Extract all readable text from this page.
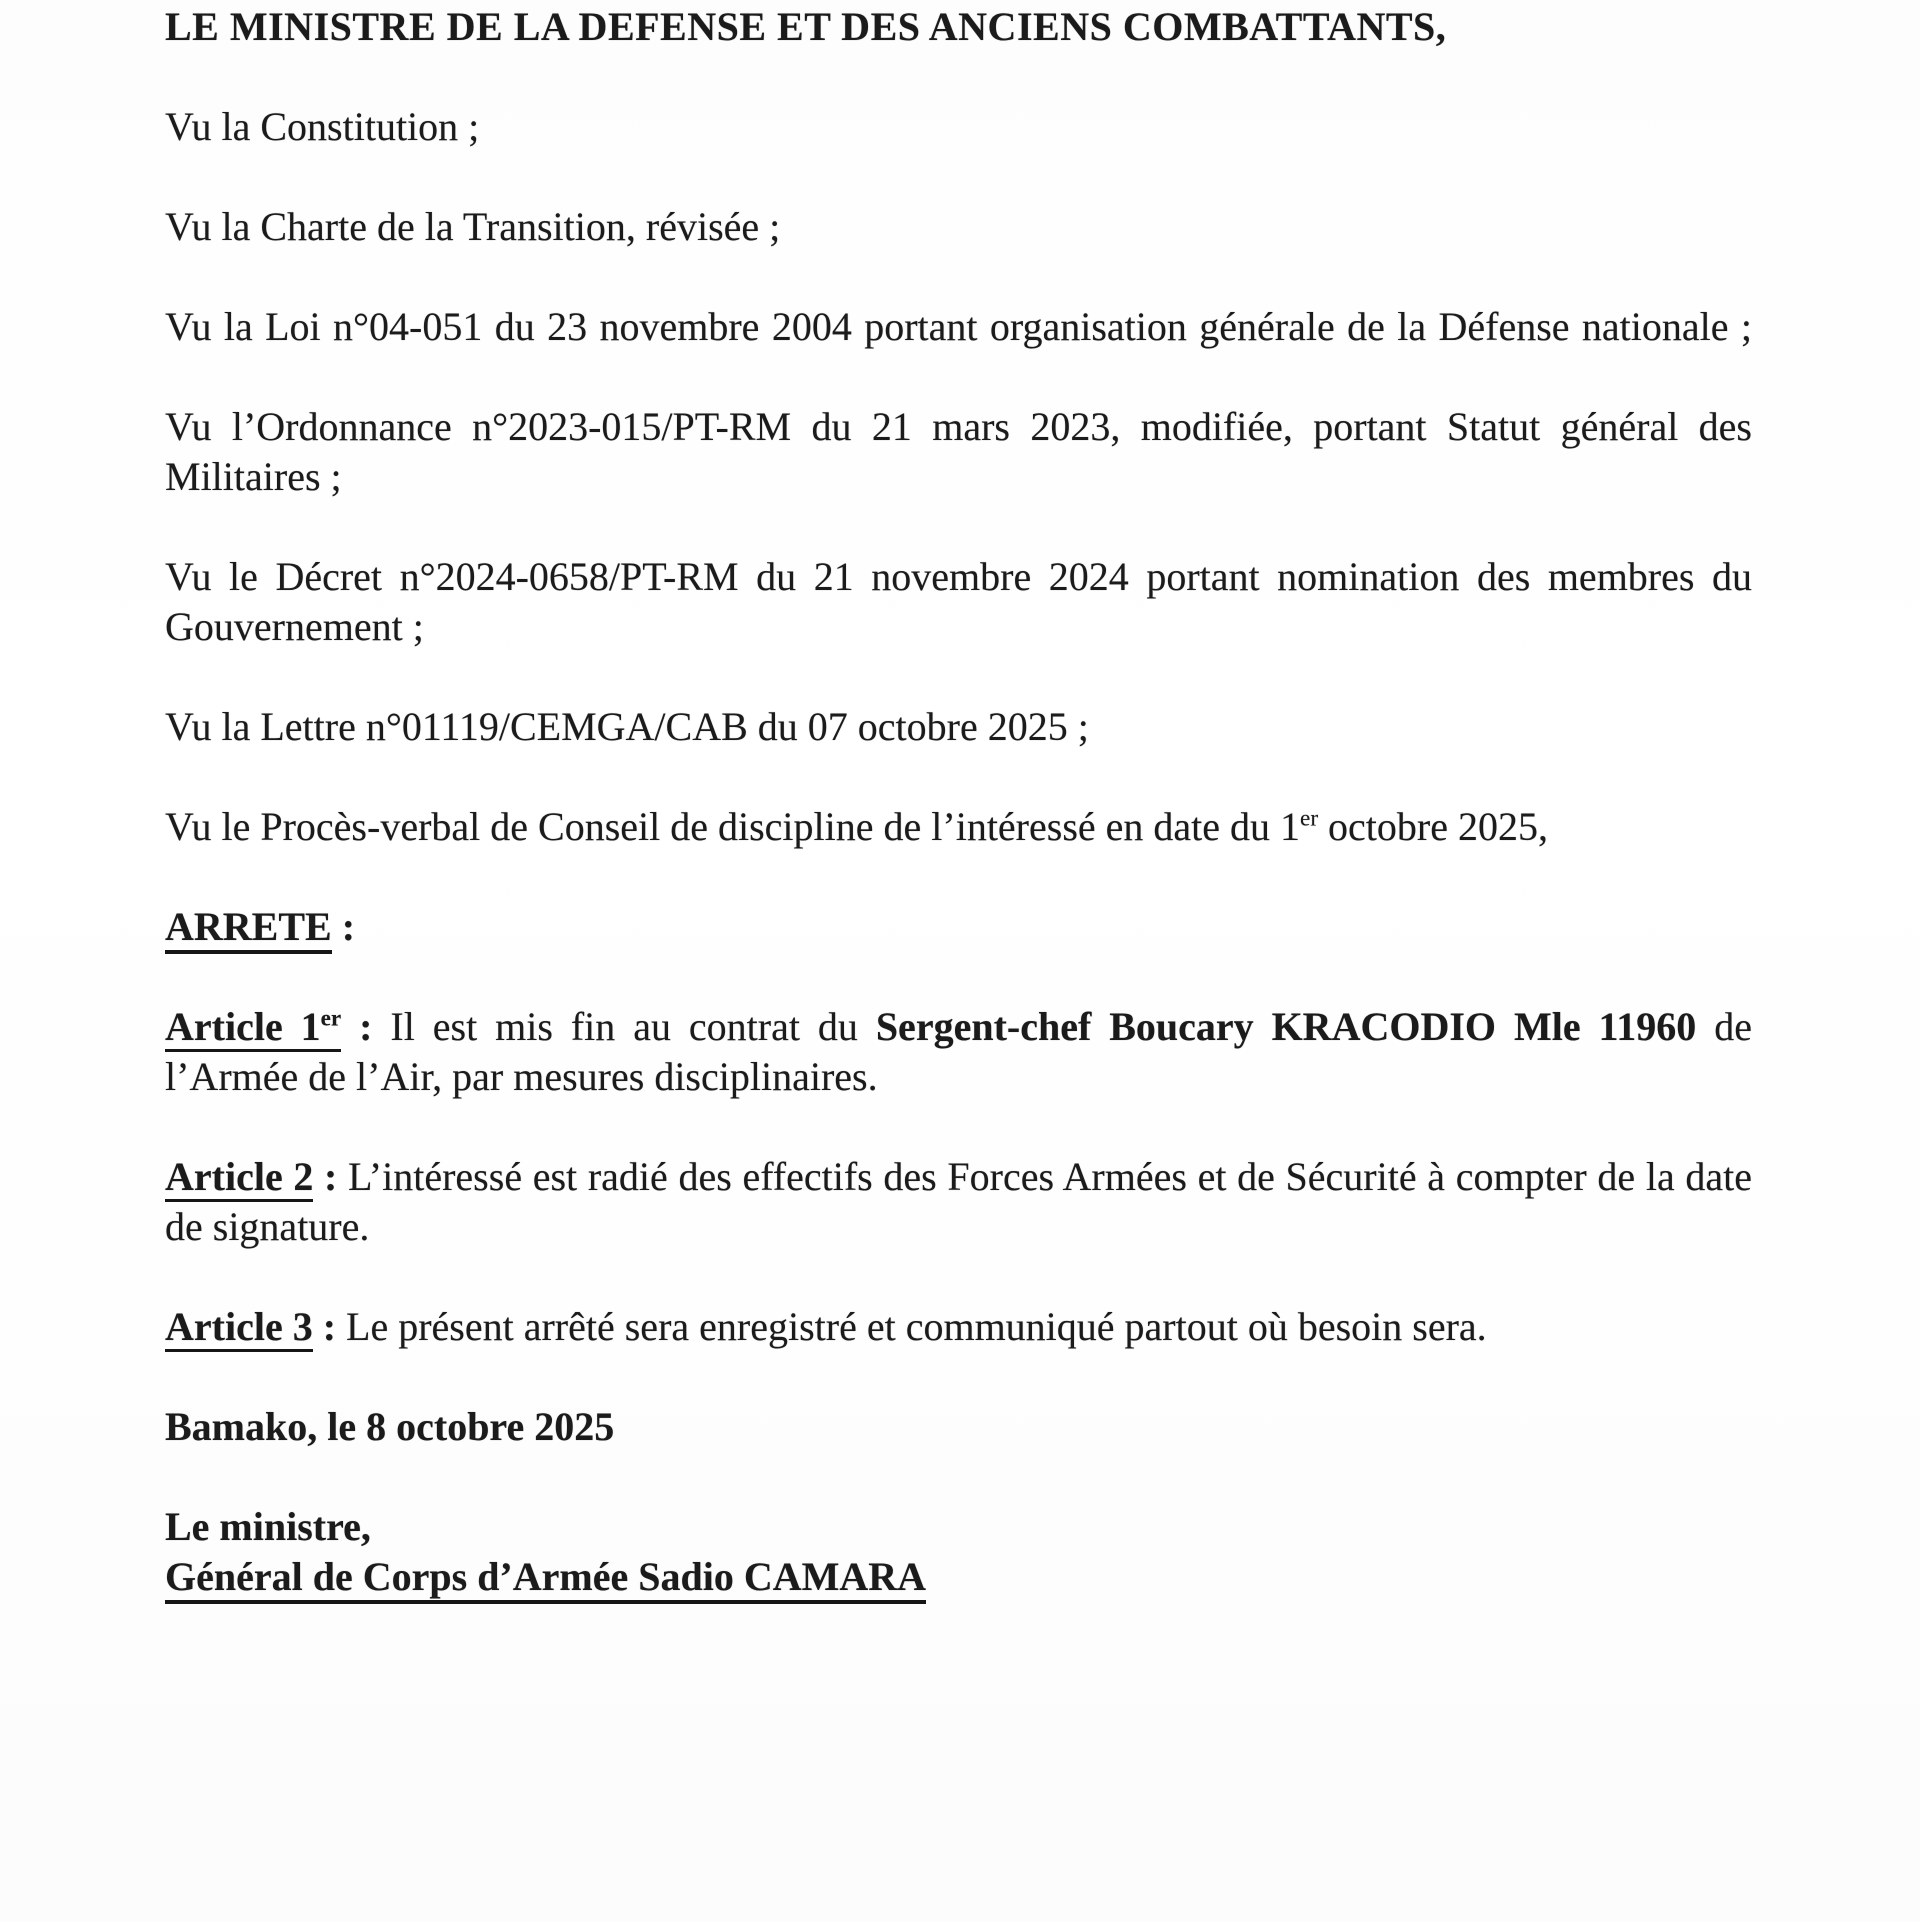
LE MINISTRE DE LA DEFENSE ET DES ANCIENS COMBATTANTS,

Vu la Constitution ;

Vu la Charte de la Transition, révisée ;

Vu la Loi n°04-051 du 23 novembre 2004 portant organisation générale de la Défense nationale ;

Vu l’Ordonnance n°2023-015/PT-RM du 21 mars 2023, modifiée, portant Statut général des
Militaires ;

Vu le Décret n°2024-0658/PT-RM du 21 novembre 2024 portant nomination des membres du
Gouvernement ;

Vu la Lettre n°01119/CEMGA/CAB du 07 octobre 2025 ;

Vu le Procès-verbal de Conseil de discipline de l’intéressé en date du 1er octobre 2025,

ARRETE :

Article 1er : Il est mis fin au contrat du Sergent-chef Boucary KRACODIO Mle 11960 de
l’Armée de l’Air, par mesures disciplinaires.

Article 2 : L’intéressé est radié des effectifs des Forces Armées et de Sécurité à compter de la date
de signature.

Article 3 : Le présent arrêté sera enregistré et communiqué partout où besoin sera.

Bamako, le 8 octobre 2025

Le ministre,
Général de Corps d’Armée Sadio CAMARA
